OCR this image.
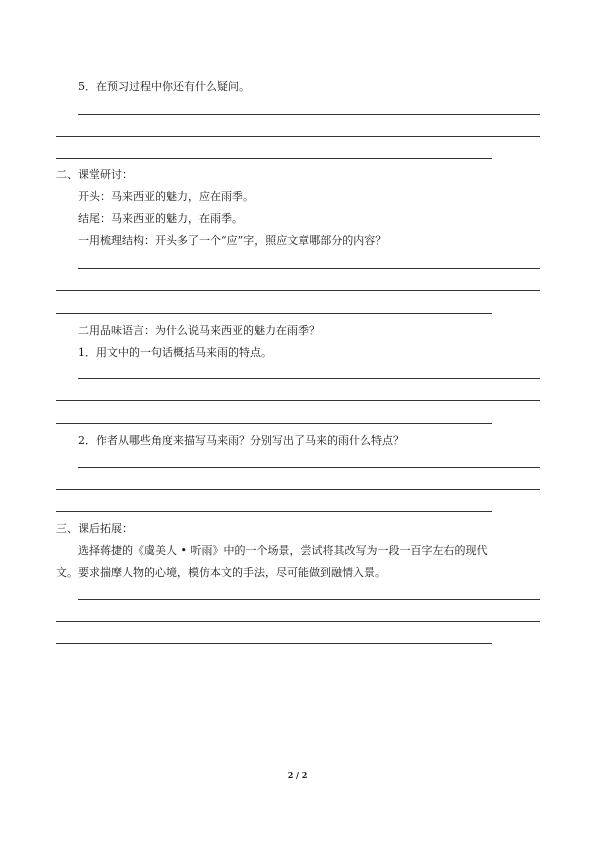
5．在预习过程中你还有什么疑问。
二、课堂研讨：
开头：马来西亚的魅力，应在雨季。
结尾：马来西亚的魅力，在雨季。
一用梳理结构：开头多了一个“应”字，照应文章哪部分的内容？
二用品味语言：为什么说马来西亚的魅力在雨季？
1．用文中的一句话概括马来雨的特点。
2．作者从哪些角度来描写马来雨？分别写出了马来的雨什么特点？
三、课后拓展：
选择蒋捷的《虞美人 • 听雨》中的一个场景，尝试将其改写为一段一百字左右的现代
文。要求揣摩人物的心境，模仿本文的手法，尽可能做到融情入景。
2 / 2
